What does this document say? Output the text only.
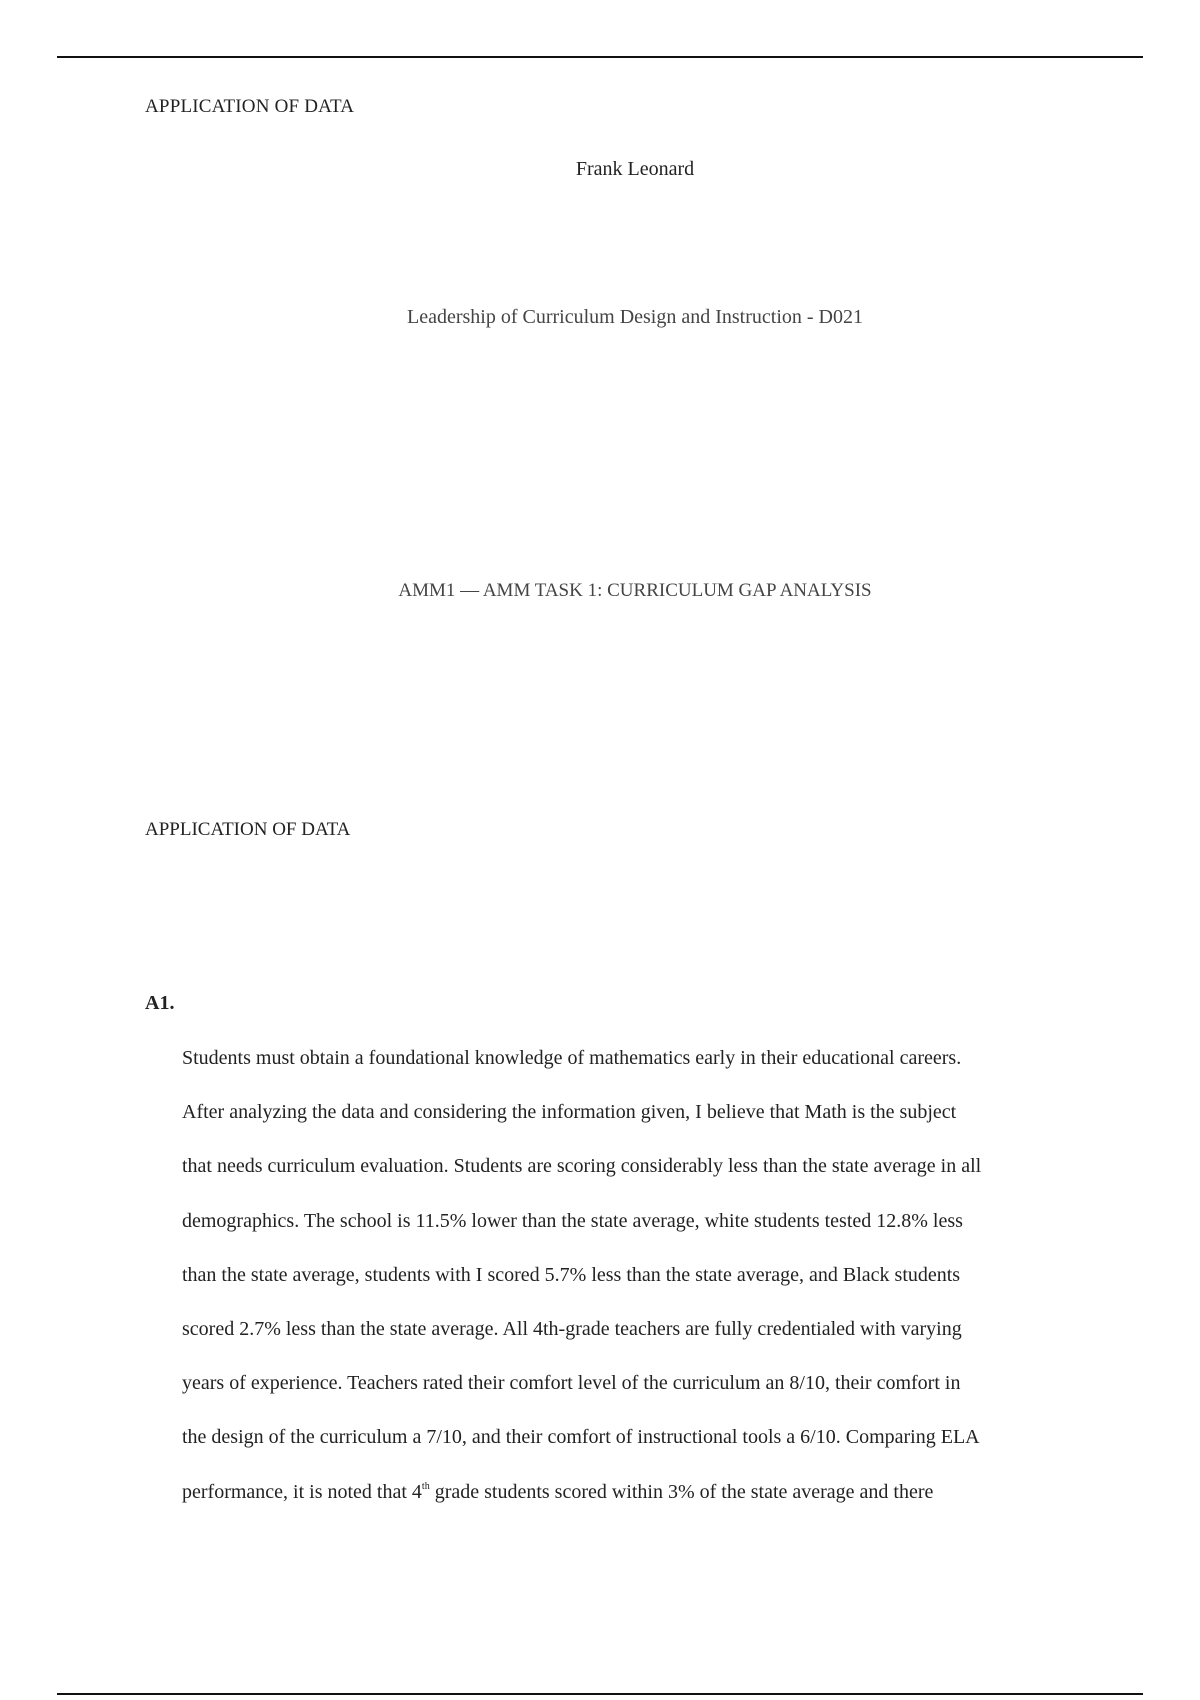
APPLICATION OF DATA
Frank Leonard
Leadership of Curriculum Design and Instruction - D021
AMM1 — AMM TASK 1: CURRICULUM GAP ANALYSIS
APPLICATION OF DATA
A1.
Students must obtain a foundational knowledge of mathematics early in their educational careers.
After analyzing the data and considering the information given, I believe that Math is the subject
that needs curriculum evaluation. Students are scoring considerably less than the state average in all
demographics. The school is 11.5% lower than the state average, white students tested 12.8% less
than the state average, students with I scored 5.7% less than the state average, and Black students
scored 2.7% less than the state average. All 4th-grade teachers are fully credentialed with varying
years of experience. Teachers rated their comfort level of the curriculum an 8/10, their comfort in
the design of the curriculum a 7/10, and their comfort of instructional tools a 6/10. Comparing ELA
performance, it is noted that 4th grade students scored within 3% of the state average and there
